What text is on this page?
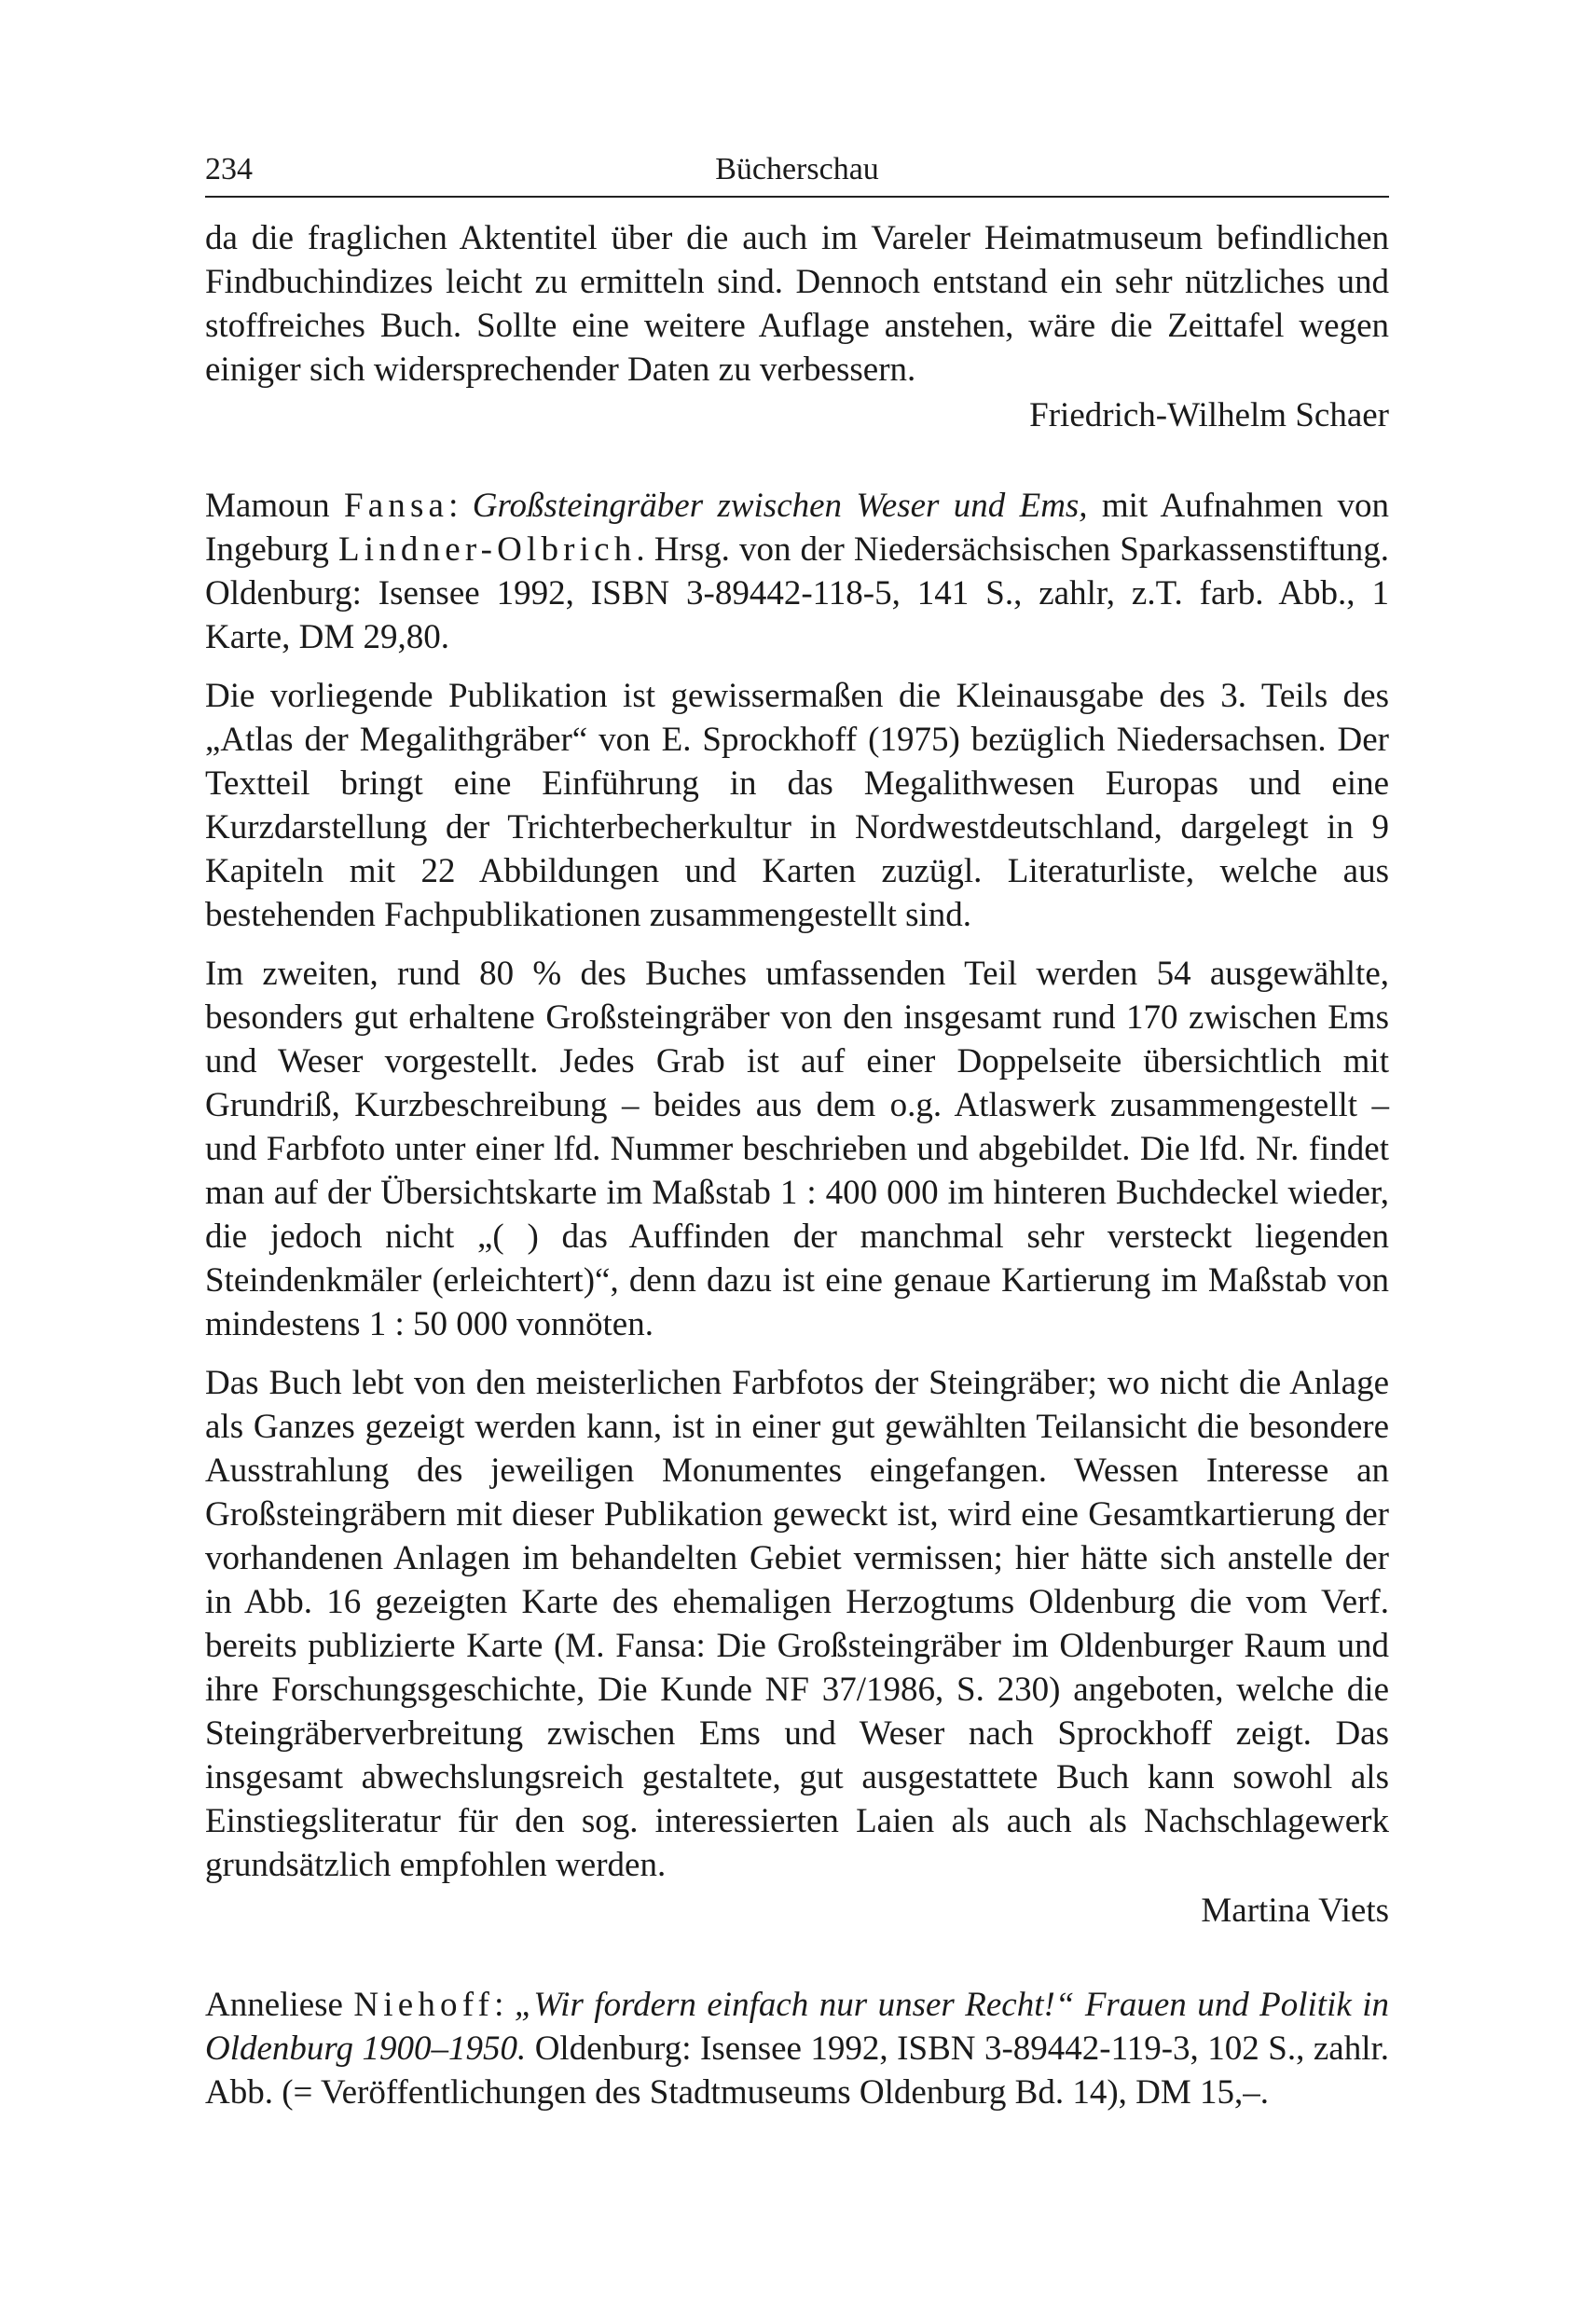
234	Bücherschau

da die fraglichen Aktentitel über die auch im Vareler Heimatmuseum befindlichen Findbuchindizes leicht zu ermitteln sind. Dennoch entstand ein sehr nützliches und stoffreiches Buch. Sollte eine weitere Auflage anstehen, wäre die Zeittafel wegen einiger sich widersprechender Daten zu verbessern.

Friedrich-Wilhelm Schaer

Mamoun Fansa: Großsteingräber zwischen Weser und Ems, mit Aufnahmen von Ingeburg Lindner-Olbrich. Hrsg. von der Niedersächsischen Sparkassenstiftung. Oldenburg: Isensee 1992, ISBN 3-89442-118-5, 141 S., zahlr, z.T. farb. Abb., 1 Karte, DM 29,80.

Die vorliegende Publikation ist gewissermaßen die Kleinausgabe des 3. Teils des „Atlas der Megalithgräber“ von E. Sprockhoff (1975) bezüglich Niedersachsen. Der Textteil bringt eine Einführung in das Megalithwesen Europas und eine Kurzdarstellung der Trichterbecherkultur in Nordwestdeutschland, dargelegt in 9 Kapiteln mit 22 Abbildungen und Karten zuzügl. Literaturliste, welche aus bestehenden Fachpublikationen zusammengestellt sind.

Im zweiten, rund 80 % des Buches umfassenden Teil werden 54 ausgewählte, besonders gut erhaltene Großsteingräber von den insgesamt rund 170 zwischen Ems und Weser vorgestellt. Jedes Grab ist auf einer Doppelseite übersichtlich mit Grundriß, Kurzbeschreibung – beides aus dem o.g. Atlaswerk zusammengestellt – und Farbfoto unter einer lfd. Nummer beschrieben und abgebildet. Die lfd. Nr. findet man auf der Übersichtskarte im Maßstab 1 : 400 000 im hinteren Buchdeckel wieder, die jedoch nicht „( ) das Auffinden der manchmal sehr versteckt liegenden Steindenkmäler (erleichtert)“, denn dazu ist eine genaue Kartierung im Maßstab von mindestens 1 : 50 000 vonnöten.

Das Buch lebt von den meisterlichen Farbfotos der Steingräber; wo nicht die Anlage als Ganzes gezeigt werden kann, ist in einer gut gewählten Teilansicht die besondere Ausstrahlung des jeweiligen Monumentes eingefangen. Wessen Interesse an Großsteingräbern mit dieser Publikation geweckt ist, wird eine Gesamtkartierung der vorhandenen Anlagen im behandelten Gebiet vermissen; hier hätte sich anstelle der in Abb. 16 gezeigten Karte des ehemaligen Herzogtums Oldenburg die vom Verf. bereits publizierte Karte (M. Fansa: Die Großsteingräber im Oldenburger Raum und ihre Forschungsgeschichte, Die Kunde NF 37/1986, S. 230) angeboten, welche die Steingräberverbreitung zwischen Ems und Weser nach Sprockhoff zeigt. Das insgesamt abwechslungsreich gestaltete, gut ausgestattete Buch kann sowohl als Einstiegsliteratur für den sog. interessierten Laien als auch als Nachschlagewerk grundsätzlich empfohlen werden.

Martina Viets

Anneliese Niehoff: „Wir fordern einfach nur unser Recht!“ Frauen und Politik in Oldenburg 1900–1950. Oldenburg: Isensee 1992, ISBN 3-89442-119-3, 102 S., zahlr. Abb. (= Veröffentlichungen des Stadtmuseums Oldenburg Bd. 14), DM 15,–.
